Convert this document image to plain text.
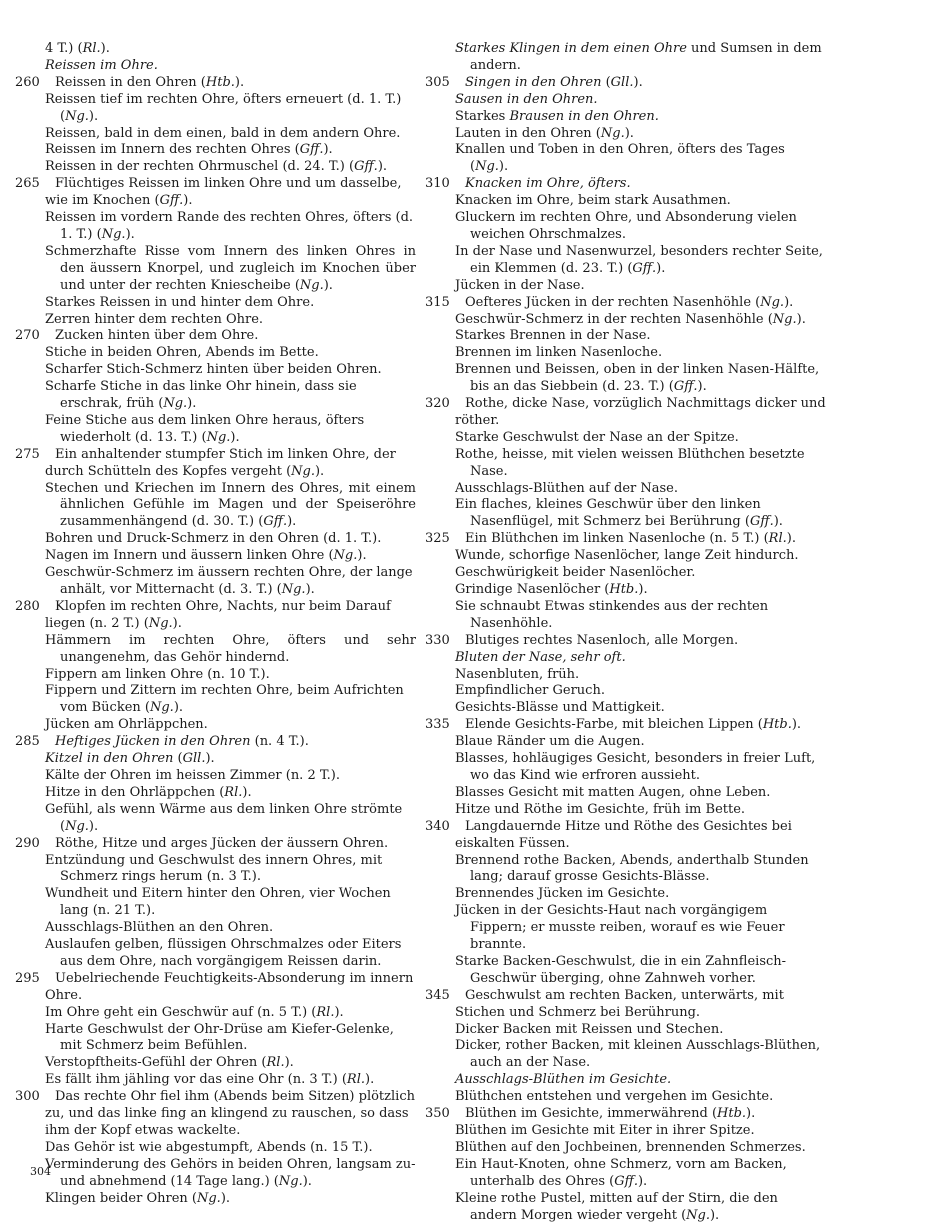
4 T.) (Rl.).

Reissen im Ohre.

260 Reissen in den Ohren (Htb.).

Reissen tief im rechten Ohre, öfters erneuert (d. 1. T.) (Ng.).

Reissen, bald in dem einen, bald in dem andern Ohre.

Reissen im Innern des rechten Ohres (Gff.).

Reissen in der rechten Ohrmuschel (d. 24. T.) (Gff.).

265 Flüchtiges Reissen im linken Ohre und um dasselbe, wie im Knochen (Gff.).

Reissen im vordern Rande des rechten Ohres, öfters (d. 1. T.) (Ng.).

Schmerzhafte Risse vom Innern des linken Ohres in den äussern Knorpel, und zugleich im Knochen über und unter der rechten Kniescheibe (Ng.).

Starkes Reissen in und hinter dem Ohre.

Zerren hinter dem rechten Ohre.

270 Zucken hinten über dem Ohre.

Stiche in beiden Ohren, Abends im Bette.

Scharfer Stich-Schmerz hinten über beiden Ohren.

Scharfe Stiche in das linke Ohr hinein, dass sie erschrak, früh (Ng.).

Feine Stiche aus dem linken Ohre heraus, öfters wiederholt (d. 13. T.) (Ng.).

275 Ein anhaltender stumpfer Stich im linken Ohre, der durch Schütteln des Kopfes vergeht (Ng.).

Stechen und Kriechen im Innern des Ohres, mit einem ähnlichen Gefühle im Magen und der Speiseröhre zusammenhängend (d. 30. T.) (Gff.).

Bohren und Druck-Schmerz in den Ohren (d. 1. T.).

Nagen im Innern und äussern linken Ohre (Ng.).

Geschwür-Schmerz im äussern rechten Ohre, der lange anhält, vor Mitternacht (d. 3. T.) (Ng.).

280 Klopfen im rechten Ohre, Nachts, nur beim Darauf liegen (n. 2 T.) (Ng.).

Hämmern im rechten Ohre, öfters und sehr unangenehm, das Gehör hindernd.

Fippern am linken Ohre (n. 10 T.).

Fippern und Zittern im rechten Ohre, beim Aufrichten vom Bücken (Ng.).

Jücken am Ohrläppchen.

285 Heftiges Jücken in den Ohren (n. 4 T.).

Kitzel in den Ohren (Gll.).

Kälte der Ohren im heissen Zimmer (n. 2 T.).

Hitze in den Ohrläppchen (Rl.).

Gefühl, als wenn Wärme aus dem linken Ohre strömte (Ng.).

290 Röthe, Hitze und arges Jücken der äussern Ohren.

Entzündung und Geschwulst des innern Ohres, mit Schmerz rings herum (n. 3 T.).

Wundheit und Eitern hinter den Ohren, vier Wochen lang (n. 21 T.).

Ausschlags-Blüthen an den Ohren.

Auslaufen gelben, flüssigen Ohrschmalzes oder Eiters aus dem Ohre, nach vorgängigem Reissen darin.

295 Uebelriechende Feuchtigkeits-Absonderung im innern Ohre.

Im Ohre geht ein Geschwür auf (n. 5 T.) (Rl.).

Harte Geschwulst der Ohr-Drüse am Kiefer-Gelenke, mit Schmerz beim Befühlen.

Verstopftheits-Gefühl der Ohren (Rl.).

Es fällt ihm jähling vor das eine Ohr (n. 3 T.) (Rl.).

300 Das rechte Ohr fiel ihm (Abends beim Sitzen) plötzlich zu, und das linke fing an klingend zu rauschen, so dass ihm der Kopf etwas wackelte.

Das Gehör ist wie abgestumpft, Abends (n. 15 T.).

Verminderung des Gehörs in beiden Ohren, langsam zu- und abnehmend (14 Tage lang.) (Ng.).

Klingen beider Ohren (Ng.).

Starkes Klingen in dem einen Ohre und Sumsen in dem andern.

305 Singen in den Ohren (Gll.).

Sausen in den Ohren.

Starkes Brausen in den Ohren.

Lauten in den Ohren (Ng.).

Knallen und Toben in den Ohren, öfters des Tages (Ng.).

310 Knacken im Ohre, öfters.

Knacken im Ohre, beim stark Ausathmen.

Gluckern im rechten Ohre, und Absonderung vielen weichen Ohrschmalzes.

In der Nase und Nasenwurzel, besonders rechter Seite, ein Klemmen (d. 23. T.) (Gff.).

Jücken in der Nase.

315 Oefteres Jücken in der rechten Nasenhöhle (Ng.).

Geschwür-Schmerz in der rechten Nasenhöhle (Ng.).

Starkes Brennen in der Nase.

Brennen im linken Nasenloche.

Brennen und Beissen, oben in der linken Nasen-Hälfte, bis an das Siebbein (d. 23. T.) (Gff.).

320 Rothe, dicke Nase, vorzüglich Nachmittags dicker und röther.

Starke Geschwulst der Nase an der Spitze.

Rothe, heisse, mit vielen weissen Blüthchen besetzte Nase.

Ausschlags-Blüthen auf der Nase.

Ein flaches, kleines Geschwür über den linken Nasenflügel, mit Schmerz bei Berührung (Gff.).

325 Ein Blüthchen im linken Nasenloche (n. 5 T.) (Rl.).

Wunde, schorfige Nasenlöcher, lange Zeit hindurch.

Geschwürigkeit beider Nasenlöcher.

Grindige Nasenlöcher (Htb.).

Sie schnaubt Etwas stinkendes aus der rechten Nasenhöhle.

330 Blutiges rechtes Nasenloch, alle Morgen.

Bluten der Nase, sehr oft.

Nasenbluten, früh.

Empfindlicher Geruch.

Gesichts-Blässe und Mattigkeit.

335 Elende Gesichts-Farbe, mit bleichen Lippen (Htb.).

Blaue Ränder um die Augen.

Blasses, hohläugiges Gesicht, besonders in freier Luft, wo das Kind wie erfroren aussieht.

Blasses Gesicht mit matten Augen, ohne Leben.

Hitze und Röthe im Gesichte, früh im Bette.

340 Langdauernde Hitze und Röthe des Gesichtes bei eiskalten Füssen.

Brennend rothe Backen, Abends, anderthalb Stunden lang; darauf grosse Gesichts-Blässe.

Brennendes Jücken im Gesichte.

Jücken in der Gesichts-Haut nach vorgängigem Fippern; er musste reiben, worauf es wie Feuer brannte.

Starke Backen-Geschwulst, die in ein Zahnfleisch-Geschwür überging, ohne Zahnweh vorher.

345 Geschwulst am rechten Backen, unterwärts, mit Stichen und Schmerz bei Berührung.

Dicker Backen mit Reissen und Stechen.

Dicker, rother Backen, mit kleinen Ausschlags-Blüthen, auch an der Nase.

Ausschlags-Blüthen im Gesichte.

Blüthchen entstehen und vergehen im Gesichte.

350 Blüthen im Gesichte, immerwährend (Htb.).

Blüthen im Gesichte mit Eiter in ihrer Spitze.

Blüthen auf den Jochbeinen, brennenden Schmerzes.

Ein Haut-Knoten, ohne Schmerz, vorn am Backen, unterhalb des Ohres (Gff.).

Kleine rothe Pustel, mitten auf der Stirn, die den andern Morgen wieder vergeht (Ng.).

304
